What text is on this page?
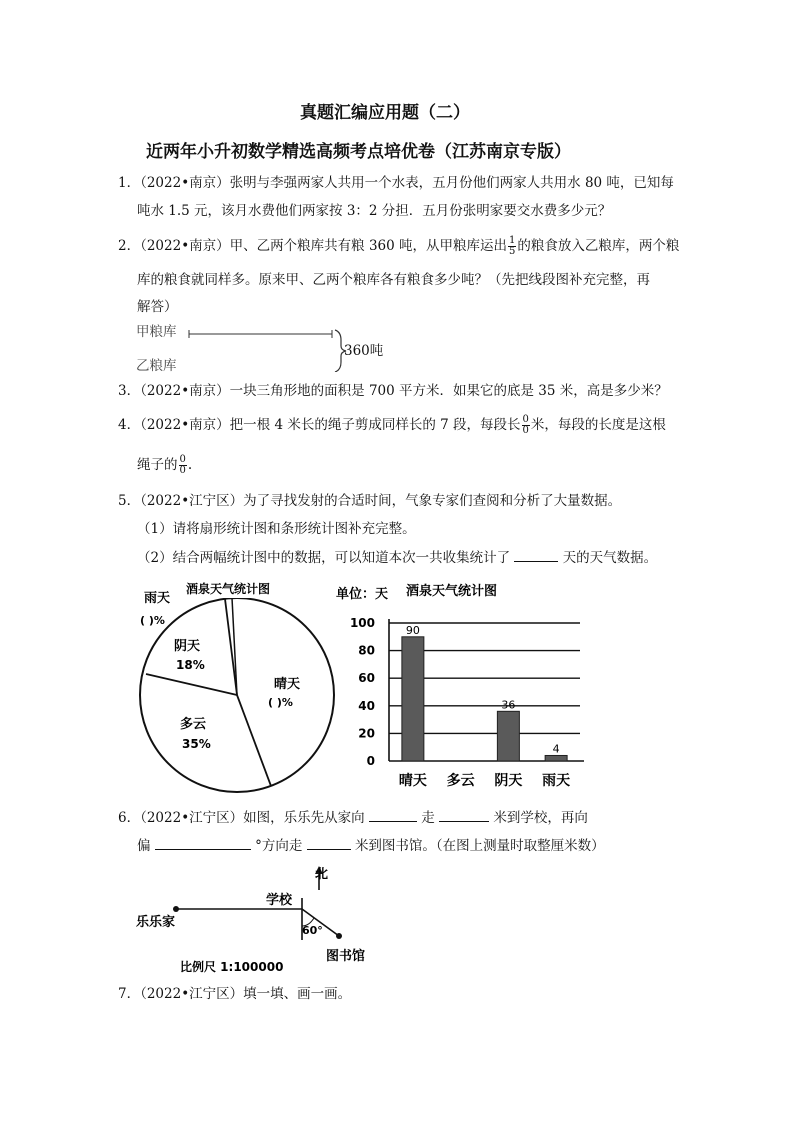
真题汇编应用题（二）
近两年小升初数学精选高频考点培优卷（江苏南京专版）
1．（2022•南京）张明与李强两家人共用一个水表，五月份他们两家人共用水 80 吨，已知每
吨水 1.5 元，该月水费他们两家按 3：2 分担．五月份张明家要交水费多少元？
2．（2022•南京）甲、乙两个粮库共有粮 360 吨，从甲粮库运出 $\frac{1}{5}$ 的粮食放入乙粮库，两个粮
库的粮食就同样多。原来甲、乙两个粮库各有粮食多少吨？（先把线段图补充完整，再
解答）
甲粮库
乙粮库
360吨
3．（2022•南京）一块三角形地的面积是 700 平方米．如果它的底是 35 米，高是多少米？
4．（2022•南京）把一根 4 米长的绳子剪成同样长的 7 段，每段长 $\frac{0}{0}$ 米，每段的长度是这根
绳子的 $\frac{0}{0}$ .
5．（2022•江宁区）为了寻找发射的合适时间，气象专家们查阅和分析了大量数据。
（1）请将扇形统计图和条形统计图补充完整。
（2）结合两幅统计图中的数据，可以知道本次一共收集统计了	天的天气数据。
酒泉天气统计图
雨天
( )%
阴天
18%
晴天
( )%
多云
35%
单位：天 酒泉天气统计图
0
20
40
60
80
100
90
晴天 多云
36
阴天
4
雨天
6．（2022•江宁区）如图，乐乐先从家向	走	米到学校，再向
偏	°方向走	米到图书馆。（在图上测量时取整厘米数）
北
学校
乐乐家
图书馆
60°
比例尺 1:100000
7．（2022•江宁区）填一填、画一画。
